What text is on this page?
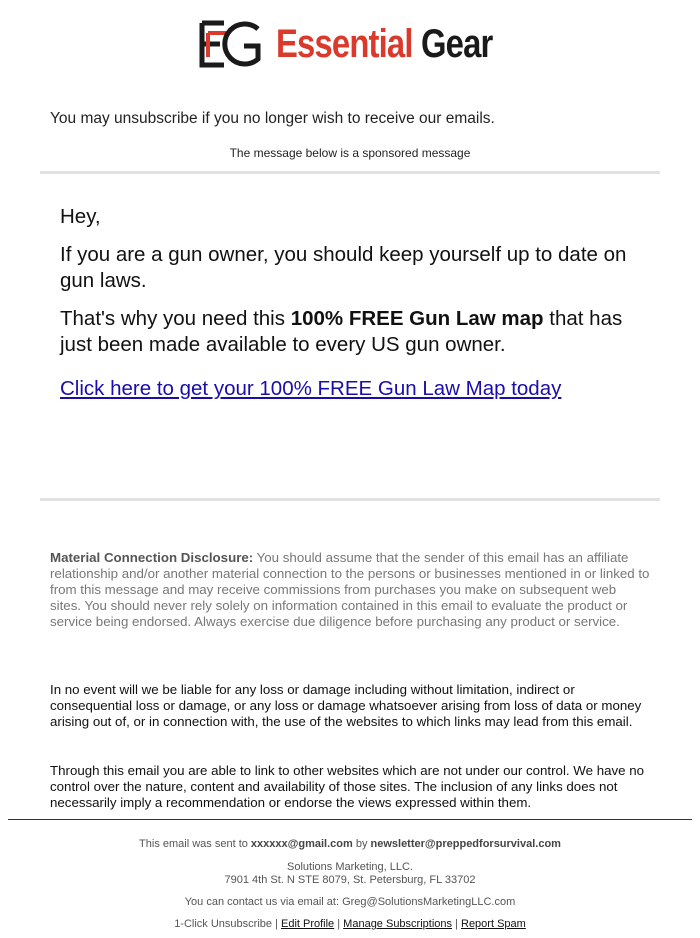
Essential Gear
You may unsubscribe if you no longer wish to receive our emails.
The message below is a sponsored message

Hey,

If you are a gun owner, you should keep yourself up to date on gun laws.

That's why you need this 100% FREE Gun Law map that has just been made available to every US gun owner.

Click here to get your 100% FREE Gun Law Map today

Material Connection Disclosure: You should assume that the sender of this email has an affiliate relationship and/or another material connection to the persons or businesses mentioned in or linked to from this message and may receive commissions from purchases you make on subsequent web sites. You should never rely solely on information contained in this email to evaluate the product or service being endorsed. Always exercise due diligence before purchasing any product or service.
In no event will we be liable for any loss or damage including without limitation, indirect or consequential loss or damage, or any loss or damage whatsoever arising from loss of data or money arising out of, or in connection with, the use of the websites to which links may lead from this email.
Through this email you are able to link to other websites which are not under our control. We have no control over the nature, content and availability of those sites. The inclusion of any links does not necessarily imply a recommendation or endorse the views expressed within them.
This email was sent to xxxxxx@gmail.com by newsletter@preppedforsurvival.com
Solutions Marketing, LLC.
7901 4th St. N STE 8079, St. Petersburg, FL 33702
You can contact us via email at: Greg@SolutionsMarketingLLC.com
1-Click Unsubscribe | Edit Profile | Manage Subscriptions | Report Spam
